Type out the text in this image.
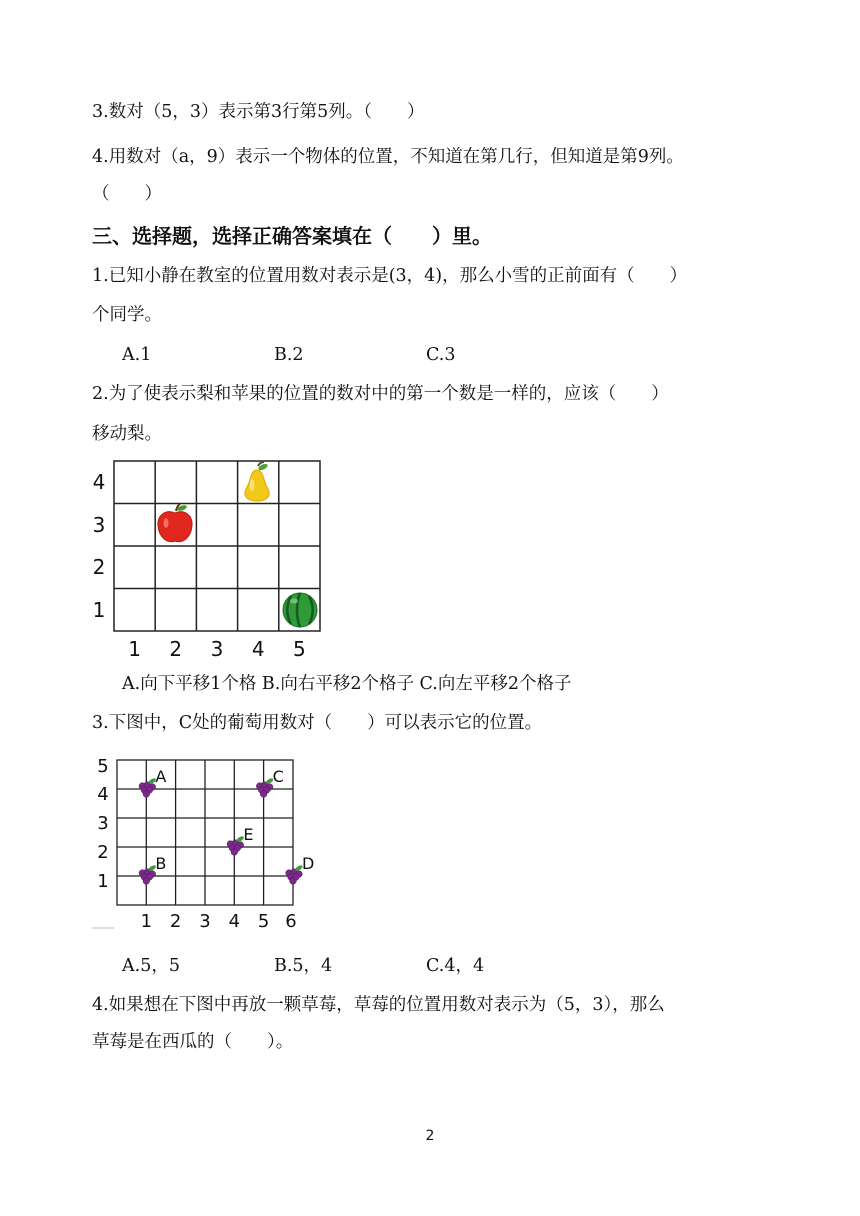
3.数对（5，3）表示第3行第5列。（　　）
4.用数对（a，9）表示一个物体的位置，不知道在第几行，但知道是第9列。
（　　）
三、选择题，选择正确答案填在（　　）里。
1.已知小静在教室的位置用数对表示是(3，4)，那么小雪的正前面有（　　）
个同学。
A.1	B.2	C.3
2.为了使表示梨和苹果的位置的数对中的第一个数是一样的，应该（　　）
移动梨。
4
3
2
1
1 2 3 4 5
A.向下平移1个格 B.向右平移2个格子 C.向左平移2个格子
3.下图中，C处的葡萄用数对（　　）可以表示它的位置。
5
4
3
2
1
1 2 3 4 5 6
A	C
E
B	D
A.5，5	B.5，4	C.4，4
4.如果想在下图中再放一颗草莓，草莓的位置用数对表示为（5，3），那么
草莓是在西瓜的（　　）。
2
